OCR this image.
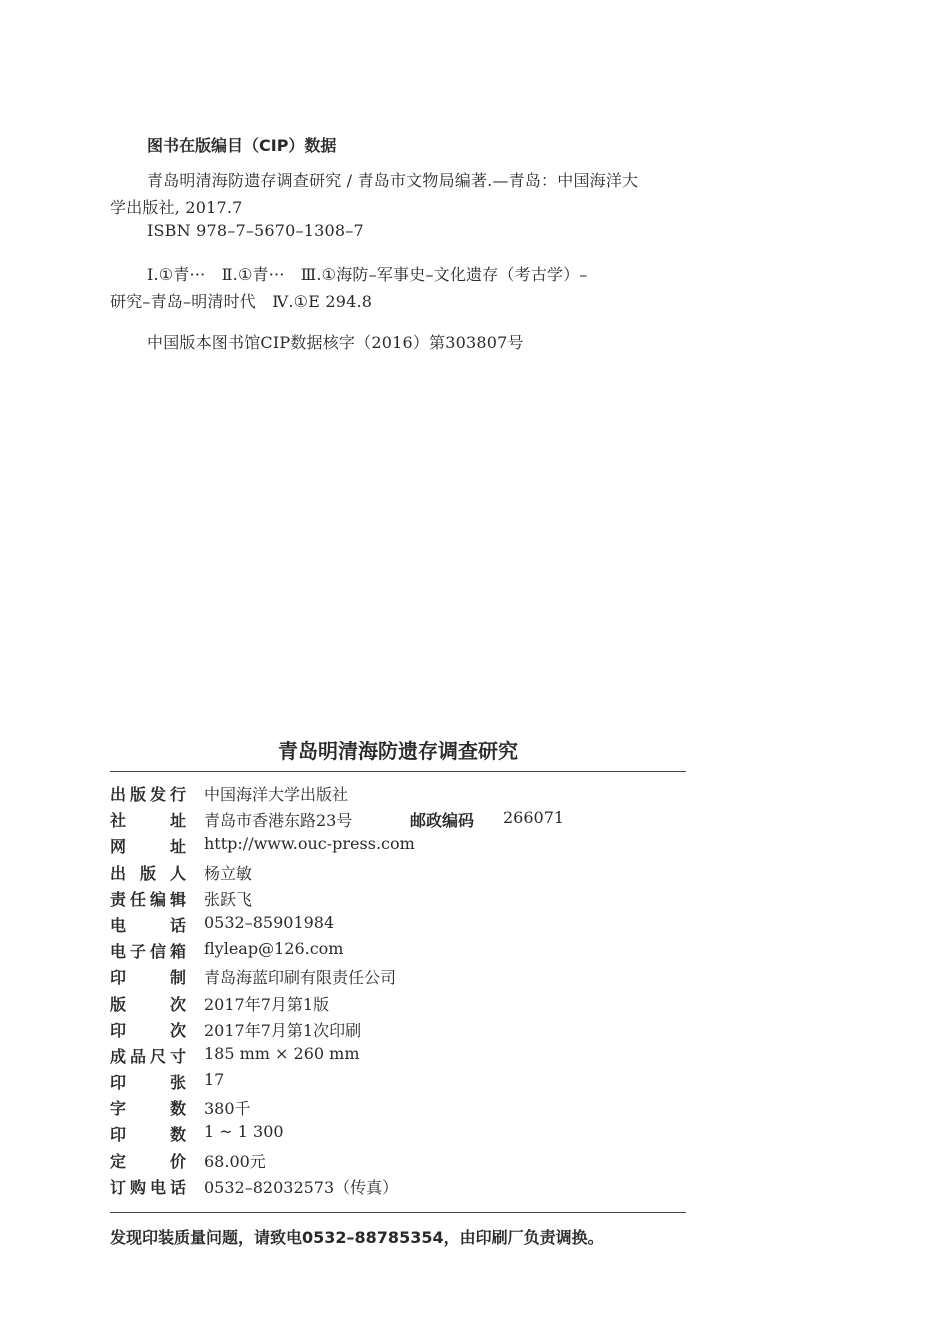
图书在版编目（CIP）数据
青岛明清海防遗存调查研究 / 青岛市文物局编著.—青岛：中国海洋大
学出版社, 2017.7
ISBN 978–7–5670–1308–7
Ⅰ.①青···　Ⅱ.①青···　Ⅲ.①海防–军事史–文化遗存（考古学）–
研究–青岛–明清时代　Ⅳ.①E 294.8
中国版本图书馆CIP数据核字（2016）第303807号
青岛明清海防遗存调查研究
出版发行 中国海洋大学出版社
社址 青岛市香港东路23号	邮政编码 266071
网址 http://www.ouc-press.com
出版人 杨立敏
责任编辑 张跃飞
电话 0532–85901984
电子信箱 flyleap@126.com
印制 青岛海蓝印刷有限责任公司
版次 2017年7月第1版
印次 2017年7月第1次印刷
成品尺寸 185 mm × 260 mm
印张 17
字数 380千
印数 1 ~ 1 300
定价 68.00元
订购电话 0532–82032573（传真）
发现印装质量问题，请致电0532–88785354，由印刷厂负责调换。
